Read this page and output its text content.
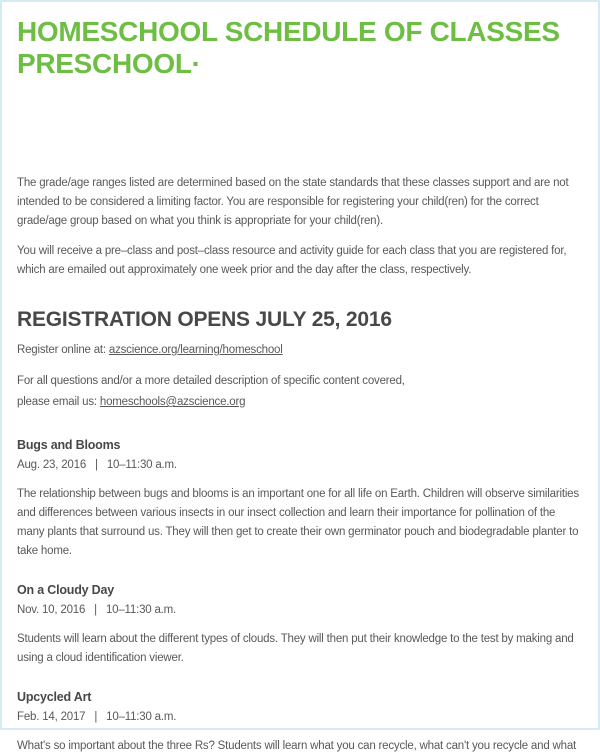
HOMESCHOOL SCHEDULE OF CLASSES
PRESCHOOL·

The grade/age ranges listed are determined based on the state standards that these classes support and are not intended to be considered a limiting factor. You are responsible for registering your child(ren) for the correct grade/age group based on what you think is appropriate for your child(ren).

You will receive a pre–class and post–class resource and activity guide for each class that you are registered for, which are emailed out approximately one week prior and the day after the class, respectively.

REGISTRATION OPENS JULY 25, 2016

Register online at: azscience.org/learning/homeschool

For all questions and/or a more detailed description of specific content covered,
please email us: homeschools@azscience.org

Bugs and Blooms
Aug. 23, 2016 | 10–11:30 a.m.

The relationship between bugs and blooms is an important one for all life on Earth. Children will observe similarities and differences between various insects in our insect collection and learn their importance for pollination of the many plants that surround us. They will then get to create their own germinator pouch and biodegradable planter to take home.

On a Cloudy Day
Nov. 10, 2016 | 10–11:30 a.m.

Students will learn about the different types of clouds. They will then put their knowledge to the test by making and using a cloud identification viewer.

Upcycled Art
Feb. 14, 2017 | 10–11:30 a.m.

What's so important about the three Rs? Students will learn what you can recycle, what can't you recycle and what
